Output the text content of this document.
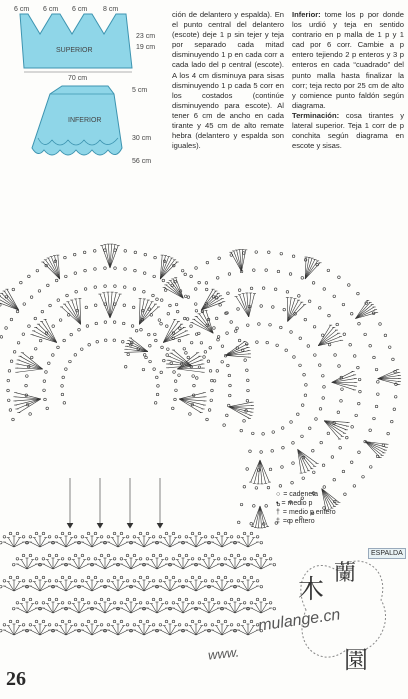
6 cm 6 cm 6 cm 8 cm
SUPERIOR
23 cm
19 cm
70 cm
INFERIOR
5 cm
30 cm
56 cm
ción de delantero y espalda). En el punto central del delantero (escote) deje 1 p sin tejer y teja por separado cada mitad disminuyendo 1 p en cada corr a cada lado del p central (escote). A los 4 cm disminuya para sisas disminuyendo 1 p cada 5 corr en los costados (continúe disminuyendo para escote). Al tener 6 cm de ancho en cada tirante y 45 cm de alto remate hebra (delantero y espalda son iguales).
Inferior: tome los p por donde los urdió y teja en sentido contrario en p malla de 1 p y 1 cad por 6 corr. Cambie a p entero tejiendo 2 p enteros y 3 p enteros en cada “cuadrado” del punto malla hasta finalizar la corr; teja recto por 25 cm de alto y comience punto faldón según diagrama.
Terminación: cosa tirantes y lateral superior. Teja 1 corr de p conchita según diagrama en escote y sisas.
○ = cadeneta
• = medio p
† = medio p entero
‡ = p entero
ESPALDA
木
蘭
園
mulange.cn
www.
26
